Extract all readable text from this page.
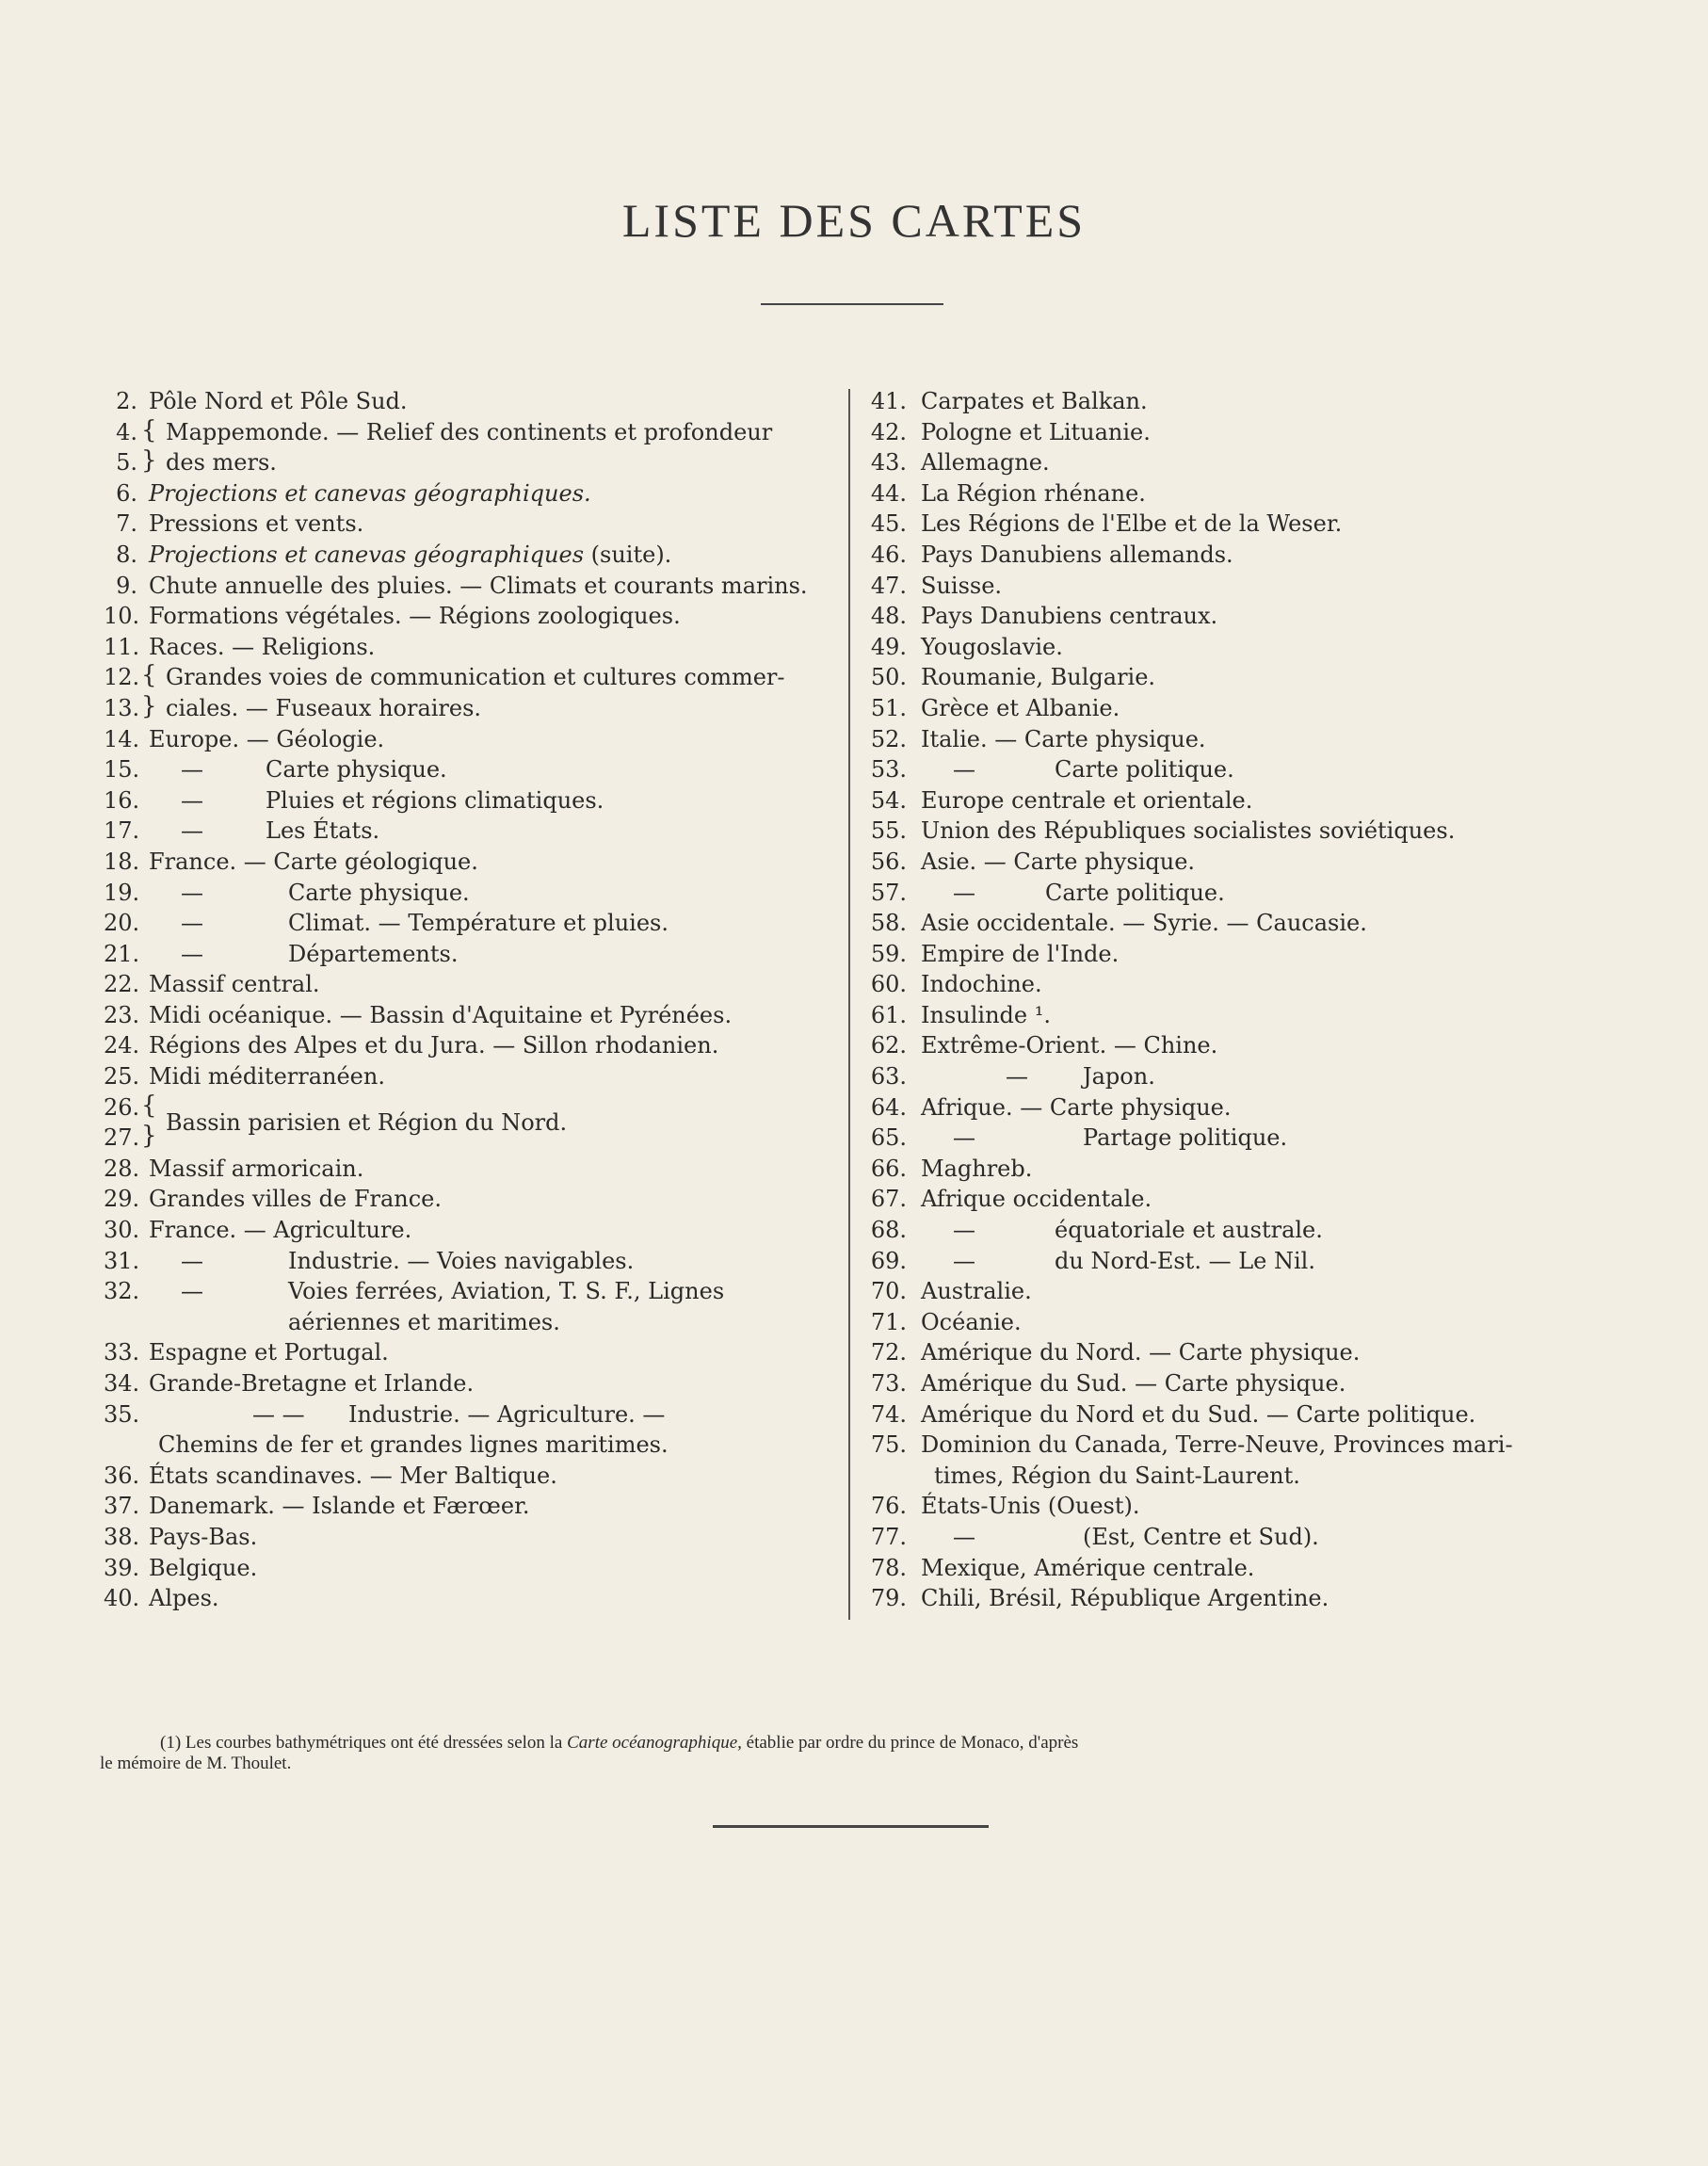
LISTE DES CARTES
2. Pôle Nord et Pôle Sud.
4. { Mappemonde. — Relief des continents et profondeur
5. } des mers.
6. Projections et canevas géographiques.
7. Pressions et vents.
8. Projections et canevas géographiques (suite).
9. Chute annuelle des pluies. — Climats et courants marins.
10. Formations végétales. — Régions zoologiques.
11. Races. — Religions.
12. { Grandes voies de communication et cultures commer-
13. } ciales. — Fuseaux horaires.
14. Europe. — Géologie.
15.	—	Carte physique.
16.	—	Pluies et régions climatiques.
17.	—	Les États.
18. France. — Carte géologique.
19.	—	Carte physique.
20.	—	Climat. — Température et pluies.
21.	—	Départements.
22. Massif central.
23. Midi océanique. — Bassin d'Aquitaine et Pyrénées.
24. Régions des Alpes et du Jura. — Sillon rhodanien.
25. Midi méditerranéen.
26. {
27. } Bassin parisien et Région du Nord.
28. Massif armoricain.
29. Grandes villes de France.
30. France. — Agriculture.
31.	—	Industrie. — Voies navigables.
32.	—	Voies ferrées, Aviation, T. S. F., Lignes
aériennes et maritimes.
33. Espagne et Portugal.
34. Grande-Bretagne et Irlande.
35.	— — Industrie. — Agriculture. —
Chemins de fer et grandes lignes maritimes.
36. États scandinaves. — Mer Baltique.
37. Danemark. — Islande et Færœer.
38. Pays-Bas.
39. Belgique.
40. Alpes.
41. Carpates et Balkan.
42. Pologne et Lituanie.
43. Allemagne.
44. La Région rhénane.
45. Les Régions de l'Elbe et de la Weser.
46. Pays Danubiens allemands.
47. Suisse.
48. Pays Danubiens centraux.
49. Yougoslavie.
50. Roumanie, Bulgarie.
51. Grèce et Albanie.
52. Italie. — Carte physique.
53.	—	Carte politique.
54. Europe centrale et orientale.
55. Union des Républiques socialistes soviétiques.
56. Asie. — Carte physique.
57.	—	Carte politique.
58. Asie occidentale. — Syrie. — Caucasie.
59. Empire de l'Inde.
60. Indochine.
61. Insulinde ¹.
62. Extrême-Orient. — Chine.
63.	— Japon.
64. Afrique. — Carte physique.
65.	—	Partage politique.
66. Maghreb.
67. Afrique occidentale.
68.	—	équatoriale et australe.
69.	—	du Nord-Est. — Le Nil.
70. Australie.
71. Océanie.
72. Amérique du Nord. — Carte physique.
73. Amérique du Sud. — Carte physique.
74. Amérique du Nord et du Sud. — Carte politique.
75. Dominion du Canada, Terre-Neuve, Provinces mari-
times, Région du Saint-Laurent.
76. États-Unis (Ouest).
77.	—	(Est, Centre et Sud).
78. Mexique, Amérique centrale.
79. Chili, Brésil, République Argentine.
(1) Les courbes bathymétriques ont été dressées selon la Carte océanographique, établie par ordre du prince de Monaco, d'après
le mémoire de M. Thoulet.
